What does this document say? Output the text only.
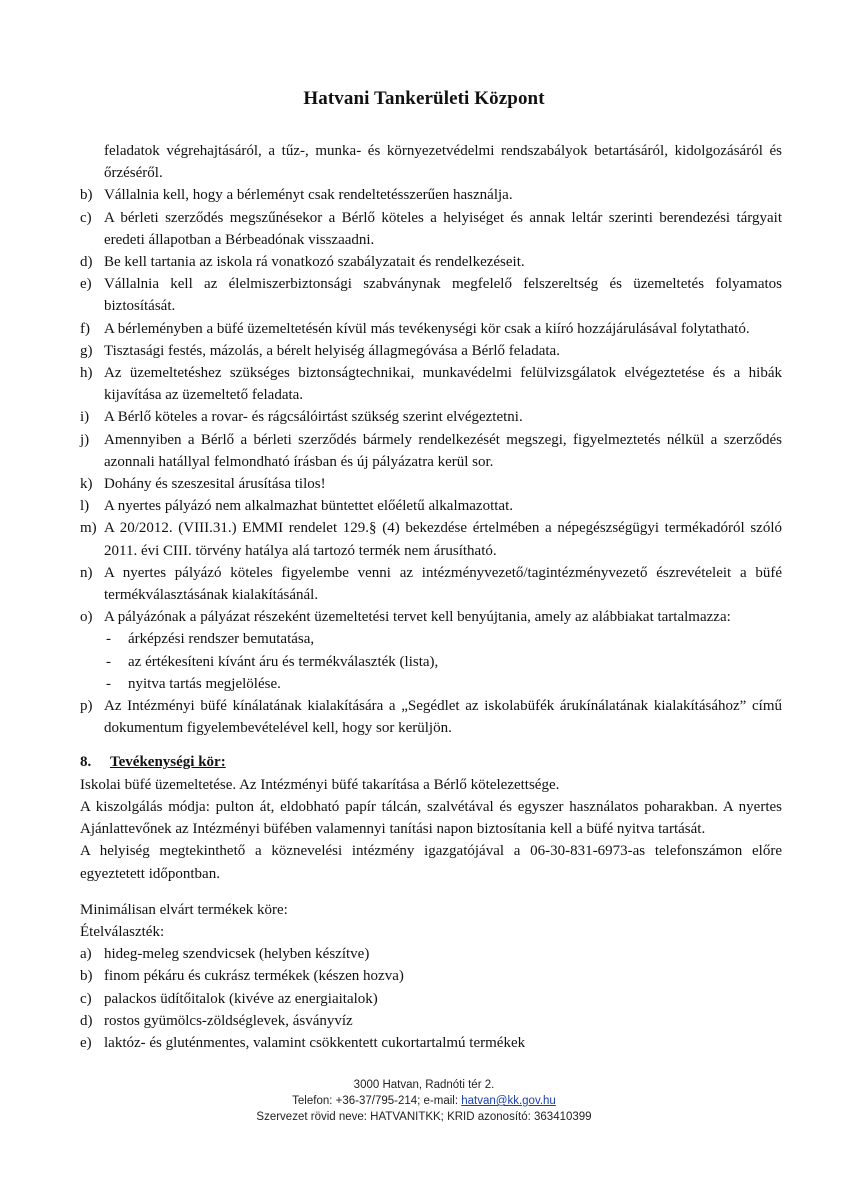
Hatvani Tankerületi Központ
feladatok végrehajtásáról, a tűz-, munka- és környezetvédelmi rendszabályok betartásáról, kidolgozásáról és őrzéséről.
b) Vállalnia kell, hogy a bérleményt csak rendeltetésszerűen használja.
c) A bérleti szerződés megszűnésekor a Bérlő köteles a helyiséget és annak leltár szerinti berendezési tárgyait eredeti állapotban a Bérbeadónak visszaadni.
d) Be kell tartania az iskola rá vonatkozó szabályzatait és rendelkezéseit.
e) Vállalnia kell az élelmiszerbiztonsági szabványnak megfelelő felszereltség és üzemeltetés folyamatos biztosítását.
f) A bérleményben a büfé üzemeltetésén kívül más tevékenységi kör csak a kiíró hozzájárulásával folytatható.
g) Tisztasági festés, mázolás, a bérelt helyiség állagmegóvása a Bérlő feladata.
h) Az üzemeltetéshez szükséges biztonságtechnikai, munkavédelmi felülvizsgálatok elvégeztetése és a hibák kijavítása az üzemeltető feladata.
i) A Bérlő köteles a rovar- és rágcsálóirtást szükség szerint elvégeztetni.
j) Amennyiben a Bérlő a bérleti szerződés bármely rendelkezését megszegi, figyelmeztetés nélkül a szerződés azonnali hatállyal felmondható írásban és új pályázatra kerül sor.
k) Dohány és szeszesital árusítása tilos!
l) A nyertes pályázó nem alkalmazhat büntettet előéletű alkalmazottat.
m) A 20/2012. (VIII.31.) EMMI rendelet 129.§ (4) bekezdése értelmében a népegészségügyi termékadóról szóló 2011. évi CIII. törvény hatálya alá tartozó termék nem árusítható.
n) A nyertes pályázó köteles figyelembe venni az intézményvezető/tagintézményvezető észrevételeit a büfé termékválasztásának kialakításánál.
o) A pályázónak a pályázat részeként üzemeltetési tervet kell benyújtania, amely az alábbiakat tartalmazza:
-	árképzési rendszer bemutatása,
-	az értékesíteni kívánt áru és termékválaszték (lista),
-	nyitva tartás megjelölése.
p) Az Intézményi büfé kínálatának kialakítására a „Segédlet az iskolabüfék árukínálatának kialakításához” című dokumentum figyelembevételével kell, hogy sor kerüljön.
8. Tevékenységi kör:
Iskolai büfé üzemeltetése. Az Intézményi büfé takarítása a Bérlő kötelezettsége.
A kiszolgálás módja: pulton át, eldobható papír tálcán, szalvétával és egyszer használatos poharakban. A nyertes Ajánlattevőnek az Intézményi büfében valamennyi tanítási napon biztosítania kell a büfé nyitva tartását.
A helyiség megtekinthető a köznevelési intézmény igazgatójával a 06-30-831-6973-as telefonszámon előre egyeztetett időpontban.
Minimálisan elvárt termékek köre:
Ételválaszték:
a) hideg-meleg szendvicsek (helyben készítve)
b) finom pékáru és cukrász termékek (készen hozva)
c) palackos üdítőitalok (kivéve az energiaitalok)
d) rostos gyümölcs-zöldséglevek, ásványvíz
e) laktóz- és gluténmentes, valamint csökkentett cukortartalmú termékek
3000 Hatvan, Radnóti tér 2.
Telefon: +36-37/795-214; e-mail: hatvan@kk.gov.hu
Szervezet rövid neve: HATVANITKK; KRID azonosító: 363410399
